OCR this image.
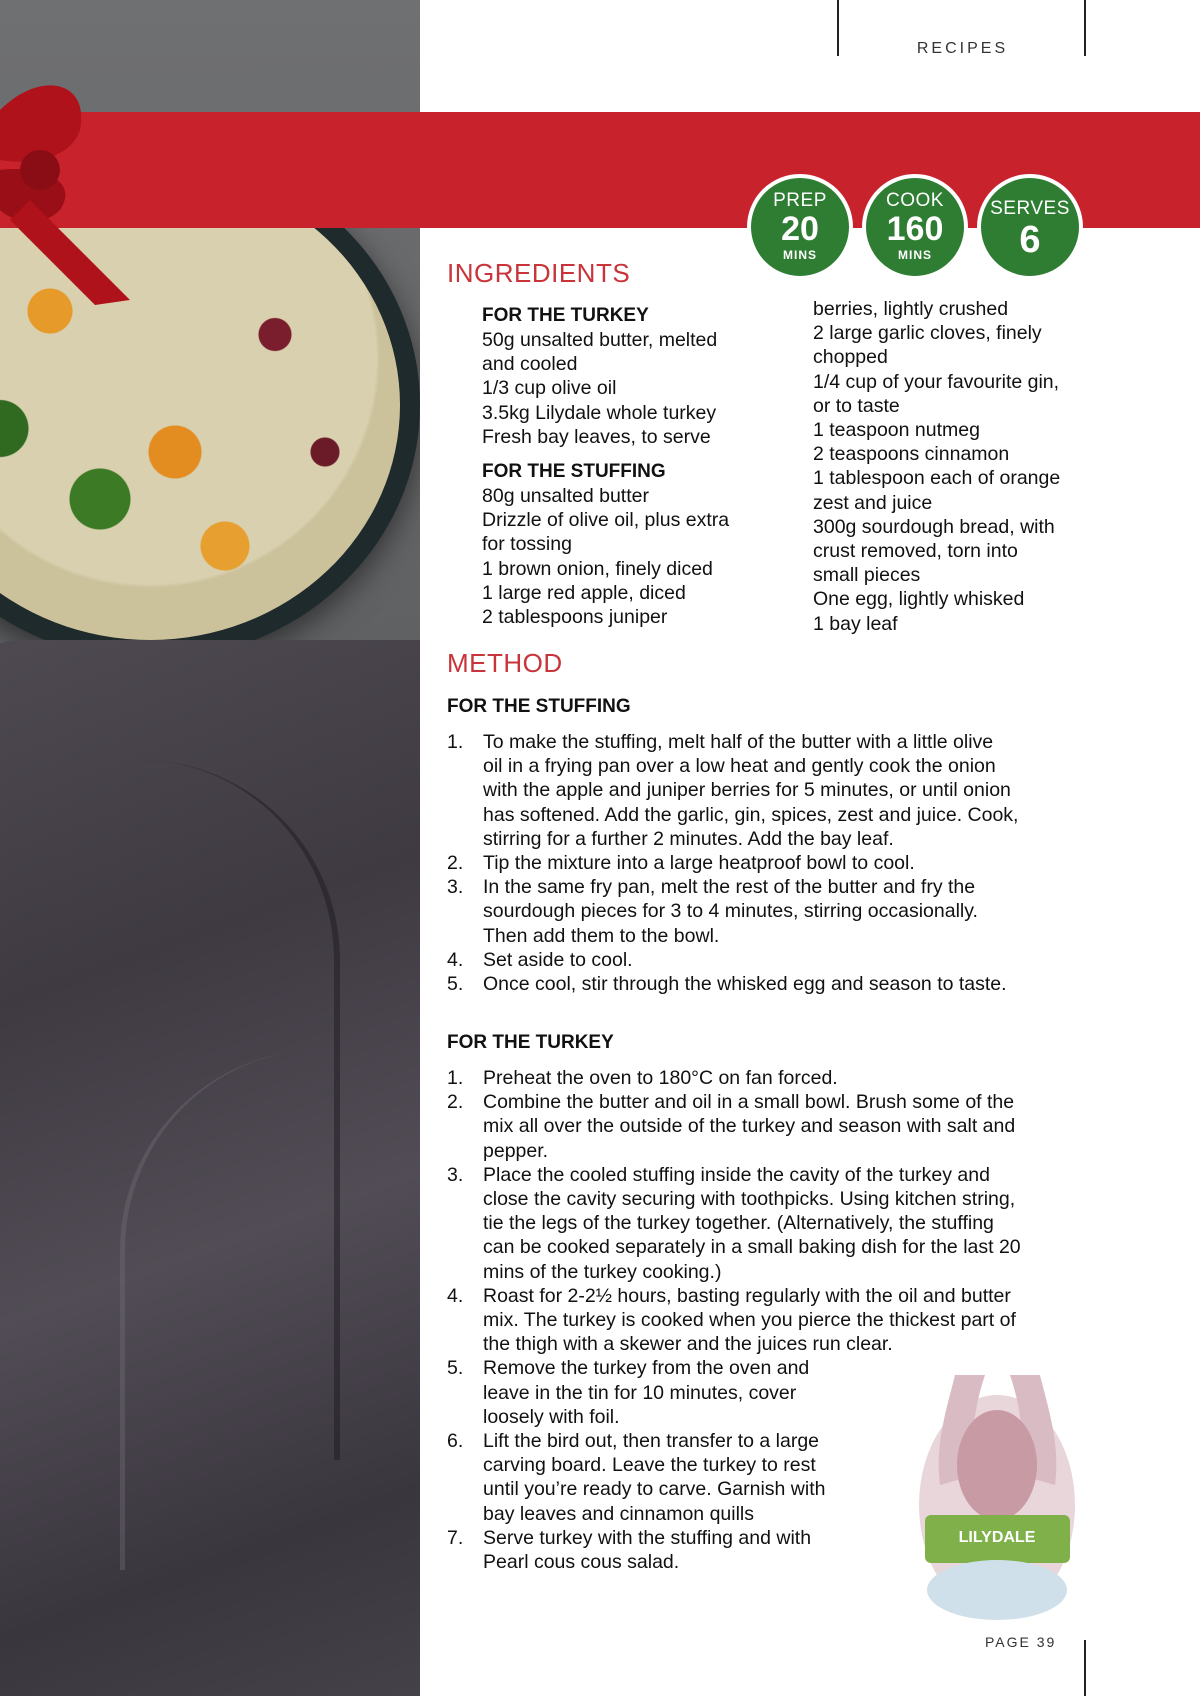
RECIPES
PREP
20
MINS
COOK
160
MINS
SERVES
6
INGREDIENTS
FOR THE TURKEY
50g unsalted butter, melted
and cooled
1/3 cup olive oil
3.5kg Lilydale whole turkey
Fresh bay leaves, to serve
FOR THE STUFFING
80g unsalted butter
Drizzle of olive oil, plus extra
for tossing
1 brown onion, finely diced
1 large red apple, diced
2 tablespoons juniper
berries, lightly crushed
2 large garlic cloves, finely
chopped
1/4 cup of your favourite gin,
or to taste
1 teaspoon nutmeg
2 teaspoons cinnamon
1 tablespoon each of orange
zest and juice
300g sourdough bread, with
crust removed, torn into
small pieces
One egg, lightly whisked
1 bay leaf
METHOD
FOR THE STUFFING
1.	To make the stuffing, melt half of the butter with a little olive
oil in a frying pan over a low heat and gently cook the onion
with the apple and juniper berries for 5 minutes, or until onion
has softened. Add the garlic, gin, spices, zest and juice. Cook,
stirring for a further 2 minutes. Add the bay leaf.
2.	Tip the mixture into a large heatproof bowl to cool.
3.	In the same fry pan, melt the rest of the butter and fry the
sourdough pieces for 3 to 4 minutes, stirring occasionally.
Then add them to the bowl.
4.	Set aside to cool.
5.	Once cool, stir through the whisked egg and season to taste.
FOR THE TURKEY
1.	Preheat the oven to 180°C on fan forced.
2.	Combine the butter and oil in a small bowl. Brush some of the
mix all over the outside of the turkey and season with salt and
pepper.
3.	Place the cooled stuffing inside the cavity of the turkey and
close the cavity securing with toothpicks. Using kitchen string,
tie the legs of the turkey together. (Alternatively, the stuffing
can be cooked separately in a small baking dish for the last 20
mins of the turkey cooking.)
4.	Roast for 2-2½ hours, basting regularly with the oil and butter
mix. The turkey is cooked when you pierce the thickest part of
the thigh with a skewer and the juices run clear.
5.	Remove the turkey from the oven and
leave in the tin for 10 minutes, cover
loosely with foil.
6.	Lift the bird out, then transfer to a large
carving board. Leave the turkey to rest
until you’re ready to carve. Garnish with
bay leaves and cinnamon quills
7.	Serve turkey with the stuffing and with
Pearl cous cous salad.
LILYDALE
PAGE 39
